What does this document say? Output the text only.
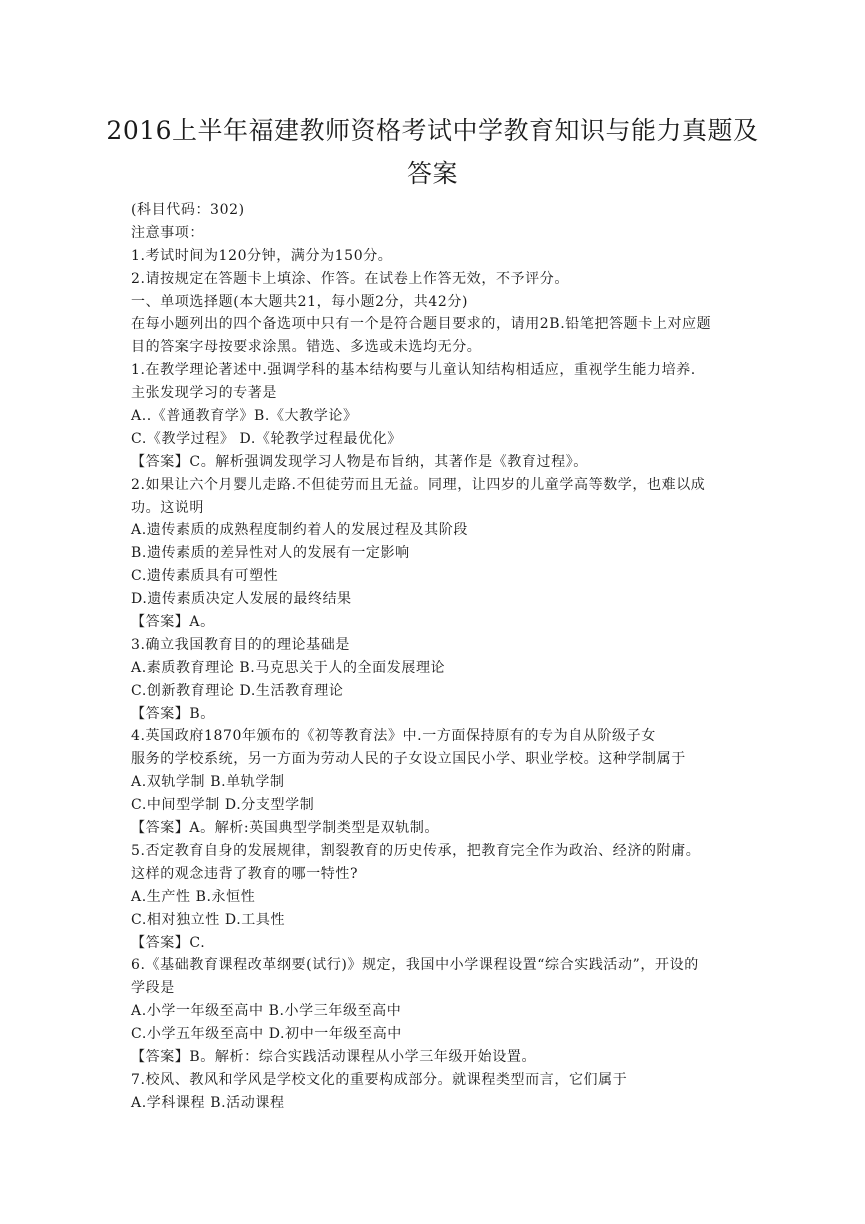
2016上半年福建教师资格考试中学教育知识与能力真题及
答案
(科目代码：302)
注意事项：
1.考试时间为120分钟，满分为150分。
2.请按规定在答题卡上填涂、作答。在试卷上作答无效，不予评分。
一、单项选择题(本大题共21，每小题2分，共42分)
在每小题列出的四个备选项中只有一个是符合题目要求的，请用2B.铅笔把答题卡上对应题
目的答案字母按要求涂黑。错选、多选或未选均无分。
1.在教学理论著述中.强调学科的基本结构要与儿童认知结构相适应，重视学生能力培养.
主张发现学习的专著是
A..《普通教育学》B.《大教学论》
C.《教学过程》 D.《轮教学过程最优化》
【答案】C。解析强调发现学习人物是布旨纳，其著作是《教育过程》。
2.如果让六个月婴儿走路.不但徒劳而且无益。同理，让四岁的儿童学高等数学，也难以成
功。这说明
A.遗传素质的成熟程度制约着人的发展过程及其阶段
B.遗传素质的差异性对人的发展有一定影响
C.遗传素质具有可塑性
D.遗传素质决定人发展的最终结果
【答案】A。
3.确立我国教育目的的理论基础是
A.素质教育理论 B.马克思关于人的全面发展理论
C.创新教育理论 D.生活教育理论
【答案】B。
4.英国政府1870年颁布的《初等教育法》中.一方面保持原有的专为自从阶级子女
服务的学校系统，另一方面为劳动人民的子女设立国民小学、职业学校。这种学制属于
A.双轨学制 B.单轨学制
C.中间型学制 D.分支型学制
【答案】A。解析:英国典型学制类型是双轨制。
5.否定教育自身的发展规律，割裂教育的历史传承，把教育完全作为政治、经济的附庸。
这样的观念违背了教育的哪一特性?
A.生产性 B.永恒性
C.相对独立性 D.工具性
【答案】C.
6.《基础教育课程改革纲要(试行)》规定，我国中小学课程设置“综合实践活动”，开设的
学段是
A.小学一年级至高中 B.小学三年级至高中
C.小学五年级至高中 D.初中一年级至高中
【答案】B。解析：综合实践活动课程从小学三年级开始设置。
7.校风、教风和学风是学校文化的重要构成部分。就课程类型而言，它们属于
A.学科课程 B.活动课程
